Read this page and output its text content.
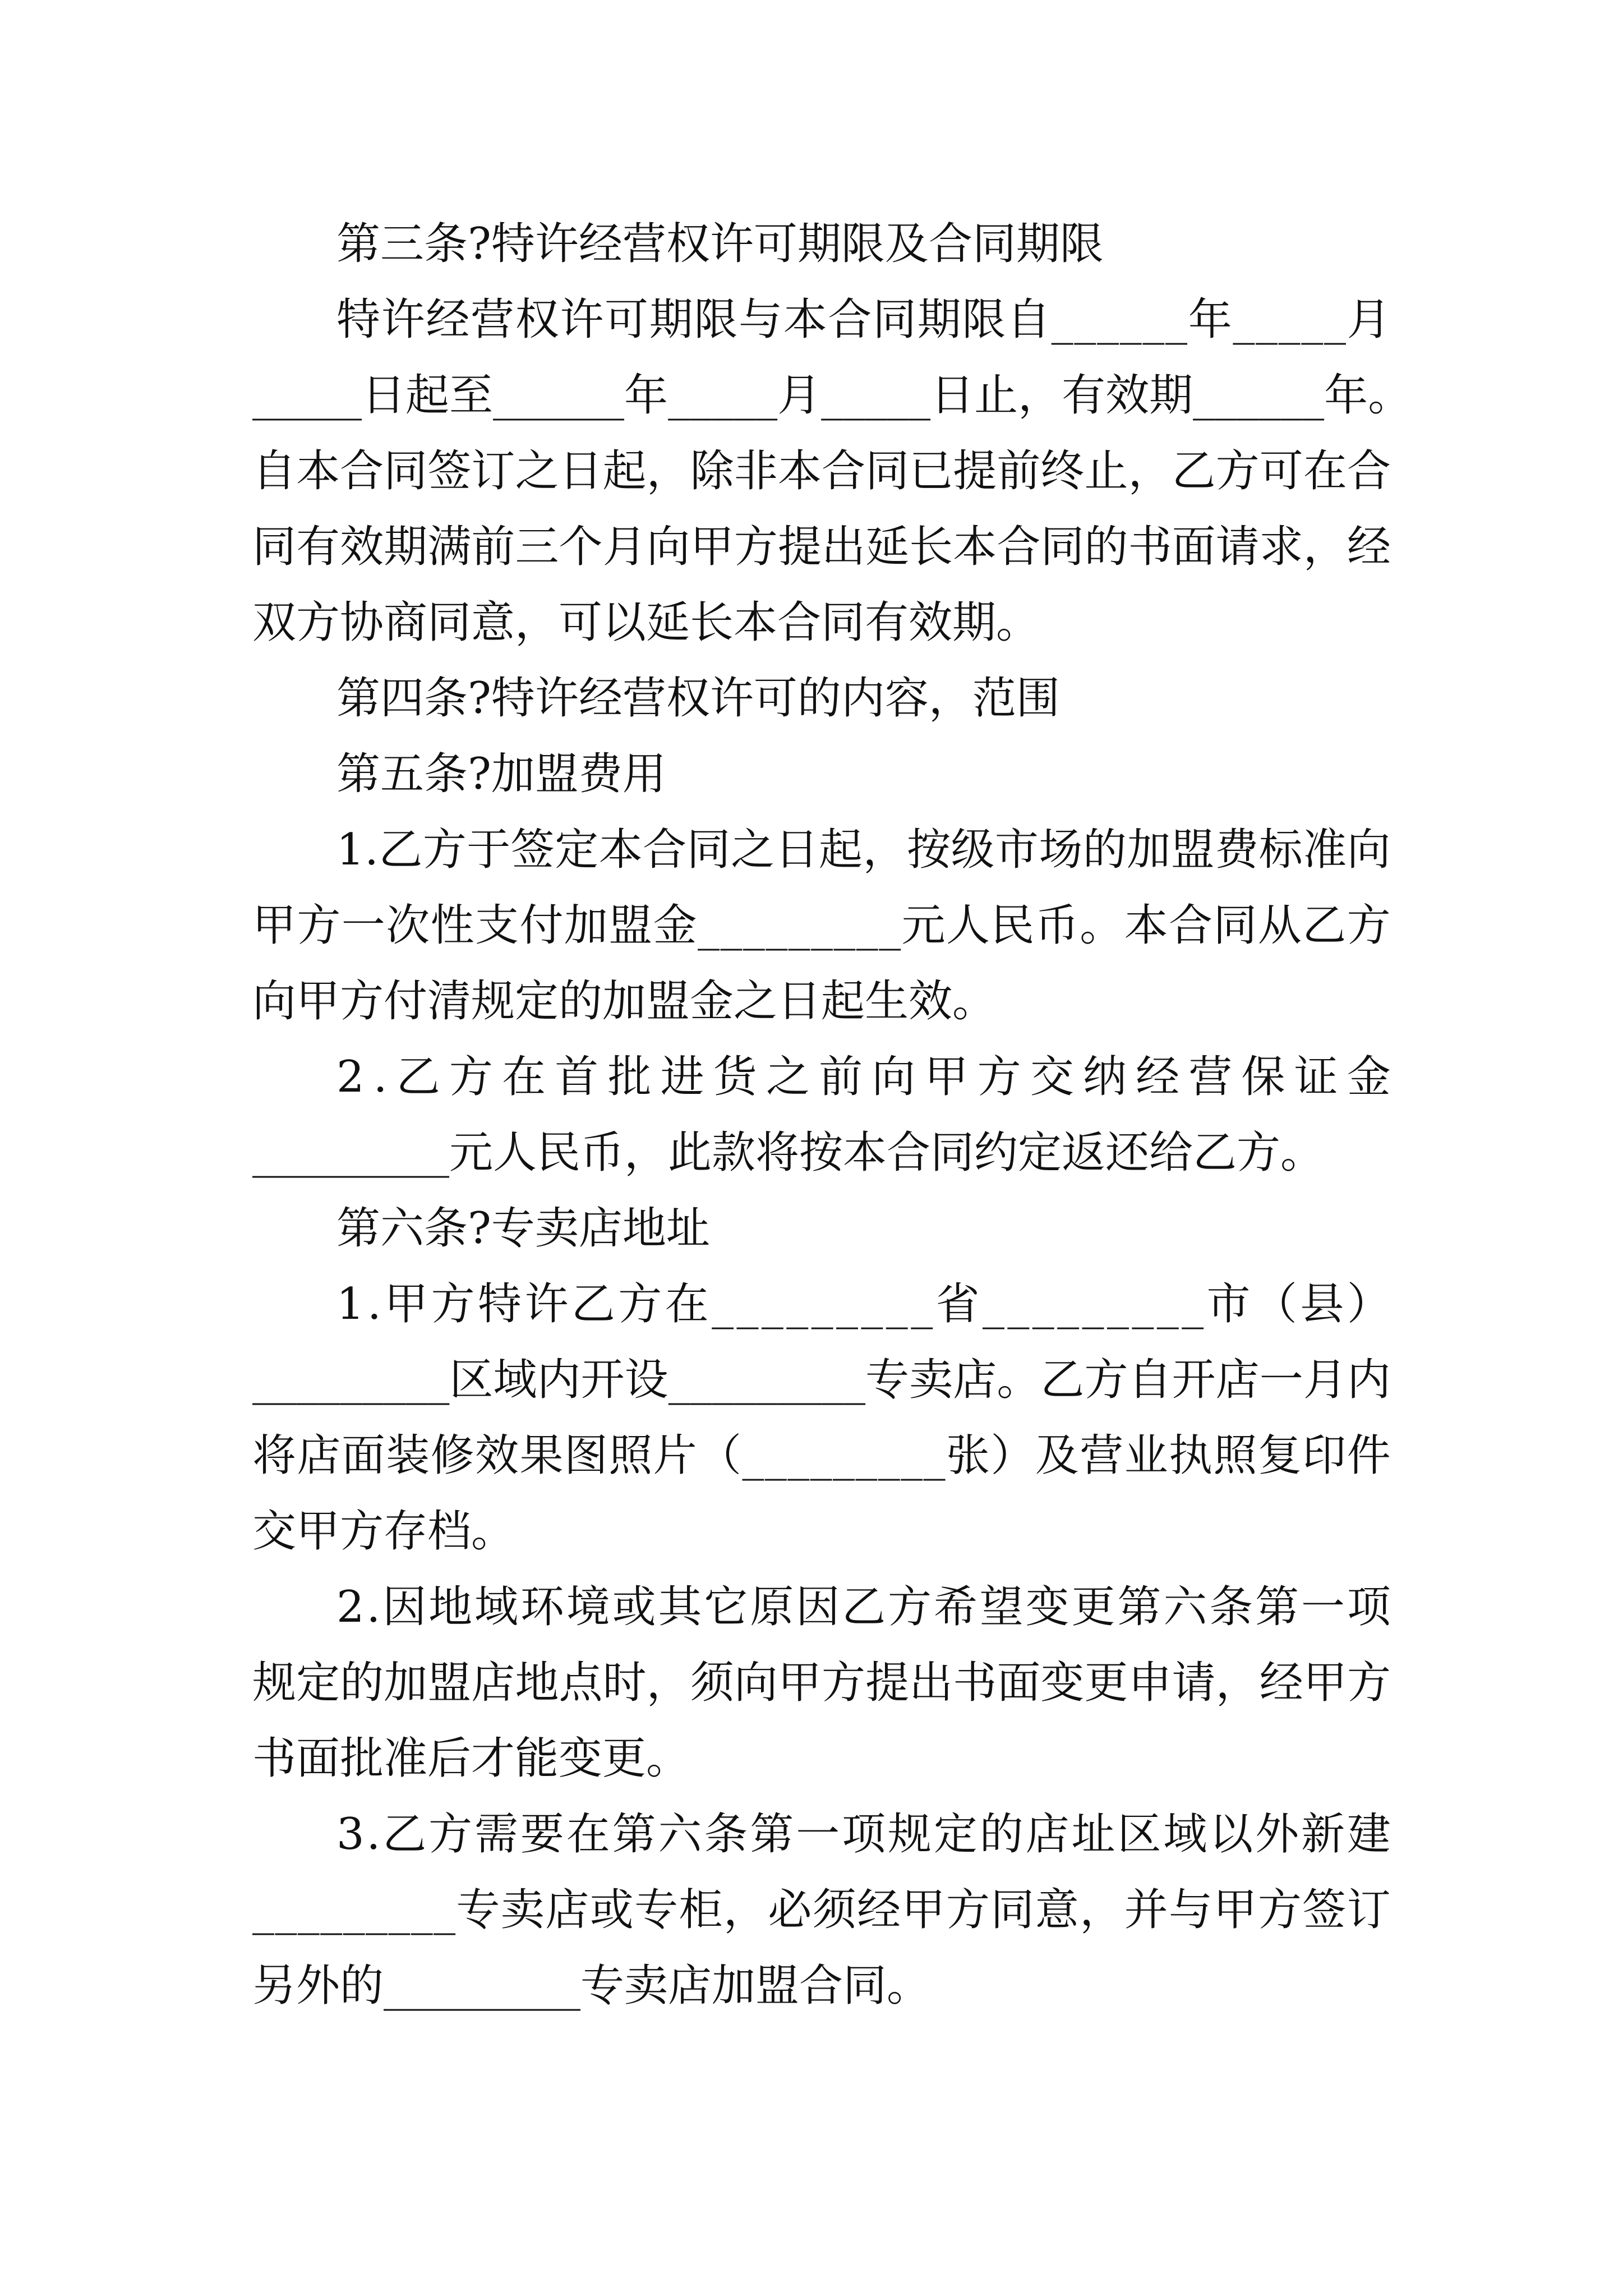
第三条?特许经营权许可期限及合同期限

特 许 经 营 权 许 可 期 限 与 本 合 同 期 限 自 _ _ _ _ _ _ 年 _ _ _ _ _ 月

_ _ _ _ _ 日 起 至 _ _ _ _ _ _ 年 _ _ _ _ _ 月 _ _ _ _ _ 日 止 ， 有 效 期 _ _ _ _ _ _ 年 。

自 本 合 同 签 订 之 日 起 ， 除 非 本 合 同 已 提 前 终 止 ， 乙 方 可 在 合

同 有 效 期 满 前 三 个 月 向 甲 方 提 出 延 长 本 合 同 的 书 面 请 求 ， 经

双方协商同意，可以延长本合同有效期。

第四条?特许经营权许可的内容，范围

第五条?加盟费用

1 . 乙 方 于 签 定 本 合 同 之 日 起 ， 按 级 市 场 的 加 盟 费 标 准 向

甲 方 一 次 性 支 付 加 盟 金 _ _ _ _ _ _ _ _ _ 元 人 民 币 。 本 合 同 从 乙 方

向甲方付清规定的加盟金之日起生效。

2 . 乙 方 在 首 批 进 货 之 前 向 甲 方 交 纳 经 营 保 证 金

_________元人民币，此款将按本合同约定返还给乙方。

第六条?专卖店地址

1 . 甲 方 特 许 乙 方 在 _ _ _ _ _ _ _ _ _ 省 _ _ _ _ _ _ _ _ _ 市 （ 县 ）

_ _ _ _ _ _ _ _ _ 区 域 内 开 设 _ _ _ _ _ _ _ _ _ 专 卖 店 。 乙 方 自 开 店 一 月 内

将 店 面 装 修 效 果 图 照 片 （ _ _ _ _ _ _ _ _ _ 张 ） 及 营 业 执 照 复 印 件

交甲方存档。

2 . 因 地 域 环 境 或 其 它 原 因 乙 方 希 望 变 更 第 六 条 第 一 项

规 定 的 加 盟 店 地 点 时 ， 须 向 甲 方 提 出 书 面 变 更 申 请 ， 经 甲 方

书面批准后才能变更。

3 . 乙 方 需 要 在 第 六 条 第 一 项 规 定 的 店 址 区 域 以 外 新 建

_ _ _ _ _ _ _ _ _ 专 卖 店 或 专 柜 ， 必 须 经 甲 方 同 意 ， 并 与 甲 方 签 订

另外的_________专卖店加盟合同。
